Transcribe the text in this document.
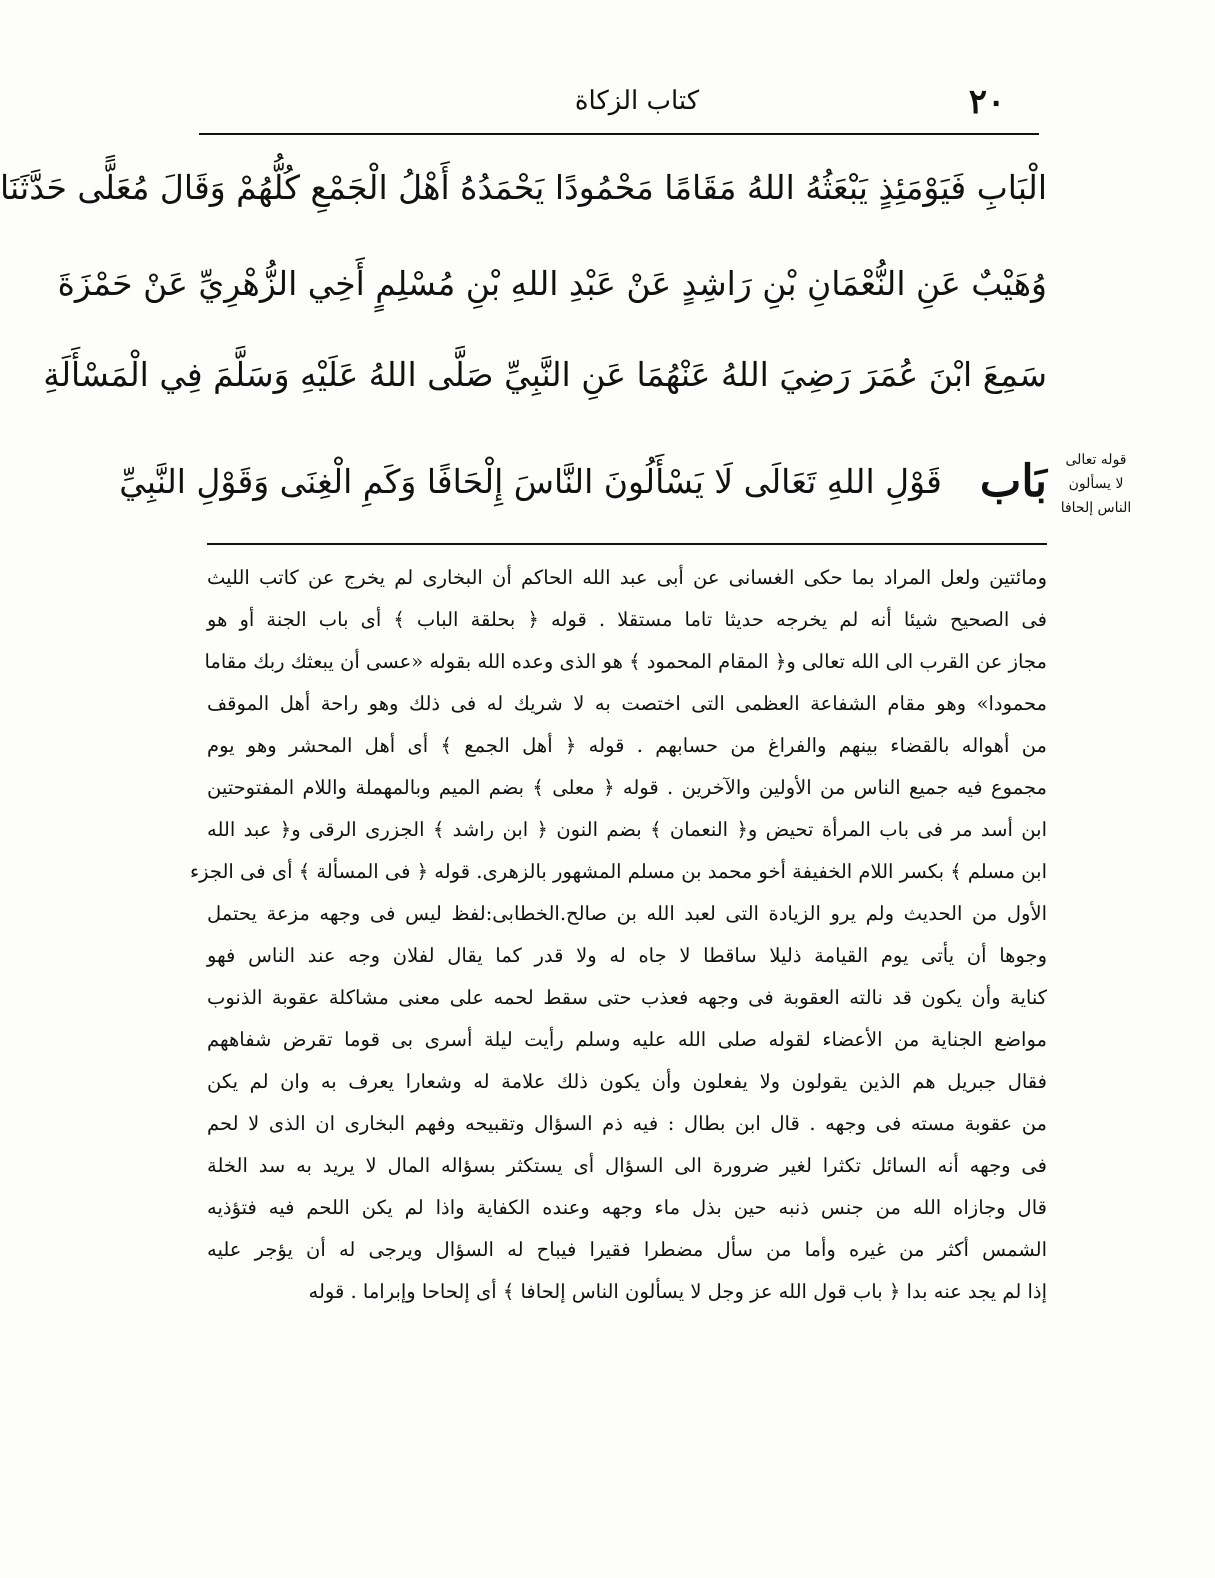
٢٠
كتاب الزكاة
الْبَابِ فَيَوْمَئِذٍ يَبْعَثُهُ اللهُ مَقَامًا مَحْمُودًا يَحْمَدُهُ أَهْلُ الْجَمْعِ كُلُّهُمْ وَقَالَ مُعَلًّى حَدَّثَنَا
وُهَيْبٌ عَنِ النُّعْمَانِ بْنِ رَاشِدٍ عَنْ عَبْدِ اللهِ بْنِ مُسْلِمٍ أَخِي الزُّهْرِيِّ عَنْ حَمْزَةَ
سَمِعَ ابْنَ عُمَرَ رَضِيَ اللهُ عَنْهُمَا عَنِ النَّبِيِّ صَلَّى اللهُ عَلَيْهِ وَسَلَّمَ فِي الْمَسْأَلَةِ
بَاب
قَوْلِ اللهِ تَعَالَى لَا يَسْأَلُونَ النَّاسَ إِلْحَافًا وَكَمِ الْغِنَى وَقَوْلِ النَّبِيِّ
قوله تعالى
لا يسألون
الناس إلحافا
ومائتين ولعل المراد بما حكى الغسانى عن أبى عبد الله الحاكم أن البخارى لم يخرج عن كاتب الليث
فى الصحيح شيئا أنه لم يخرجه حديثا تاما مستقلا . قوله ﴿ بحلقة الباب ﴾ أى باب الجنة أو هو
مجاز عن القرب الى الله تعالى و﴿ المقام المحمود ﴾ هو الذى وعده الله بقوله «عسى أن يبعثك ربك مقاما
محمودا» وهو مقام الشفاعة العظمى التى اختصت به لا شريك له فى ذلك وهو راحة أهل الموقف
من أهواله بالقضاء بينهم والفراغ من حسابهم . قوله ﴿ أهل الجمع ﴾ أى أهل المحشر وهو يوم
مجموع فيه جميع الناس من الأولين والآخرين . قوله ﴿ معلى ﴾ بضم الميم وبالمهملة واللام المفتوحتين
ابن أسد مر فى باب المرأة تحيض و﴿ النعمان ﴾ بضم النون ﴿ ابن راشد ﴾ الجزرى الرقى و﴿ عبد الله
ابن مسلم ﴾ بكسر اللام الخفيفة أخو محمد بن مسلم المشهور بالزهرى. قوله ﴿ فى المسألة ﴾ أى فى الجزء
الأول من الحديث ولم يرو الزيادة التى لعبد الله بن صالح.الخطابى:لفظ ليس فى وجهه مزعة يحتمل
وجوها أن يأتى يوم القيامة ذليلا ساقطا لا جاه له ولا قدر كما يقال لفلان وجه عند الناس فهو
كناية وأن يكون قد نالته العقوبة فى وجهه فعذب حتى سقط لحمه على معنى مشاكلة عقوبة الذنوب
مواضع الجناية من الأعضاء لقوله صلى الله عليه وسلم رأيت ليلة أسرى بى قوما تقرض شفاههم
فقال جبريل هم الذين يقولون ولا يفعلون وأن يكون ذلك علامة له وشعارا يعرف به وان لم يكن
من عقوبة مسته فى وجهه . قال ابن بطال : فيه ذم السؤال وتقبيحه وفهم البخارى ان الذى لا لحم
فى وجهه أنه السائل تكثرا لغير ضرورة الى السؤال أى يستكثر بسؤاله المال لا يريد به سد الخلة
قال وجازاه الله من جنس ذنبه حين بذل ماء وجهه وعنده الكفاية واذا لم يكن اللحم فيه فتؤذيه
الشمس أكثر من غيره وأما من سأل مضطرا فقيرا فيباح له السؤال ويرجى له أن يؤجر عليه
إذا لم يجد عنه بدا ﴿ باب قول الله عز وجل لا يسألون الناس إلحافا ﴾ أى إلحاحا وإبراما . قوله
